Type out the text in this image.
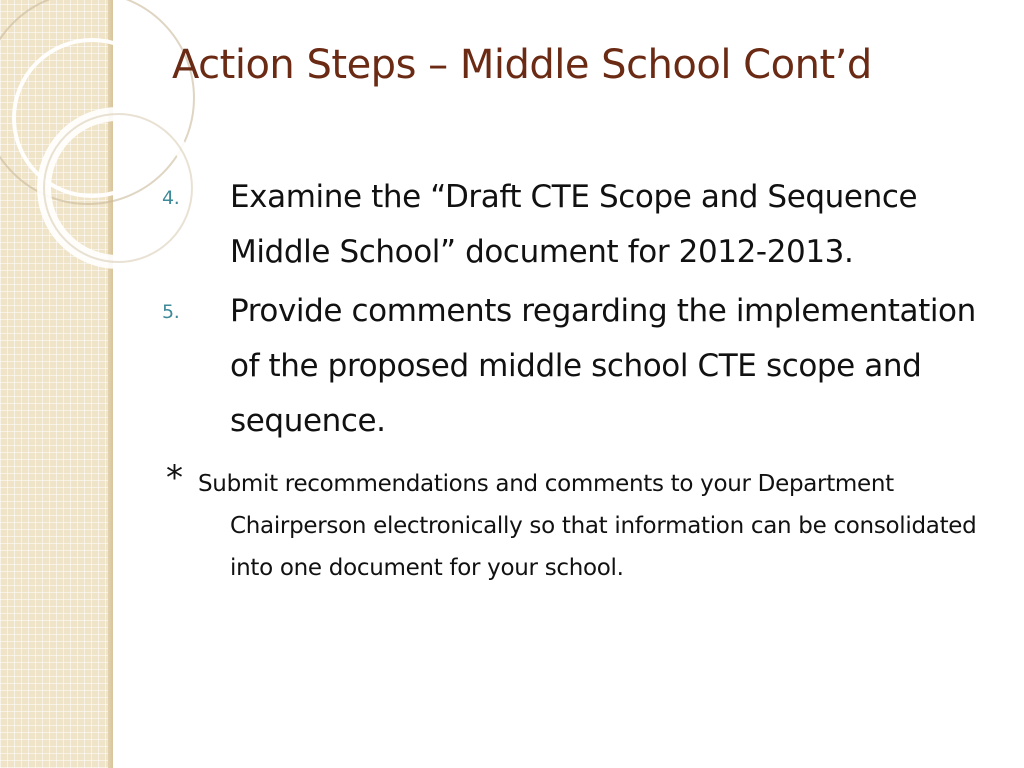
Action Steps – Middle School Cont’d
4. Examine the “Draft CTE Scope and Sequence Middle School” document for 2012-2013.
5. Provide comments regarding the implementation of the proposed middle school CTE scope and sequence.
* Submit recommendations and comments to your Department Chairperson electronically so that information can be consolidated into one document for your school.
